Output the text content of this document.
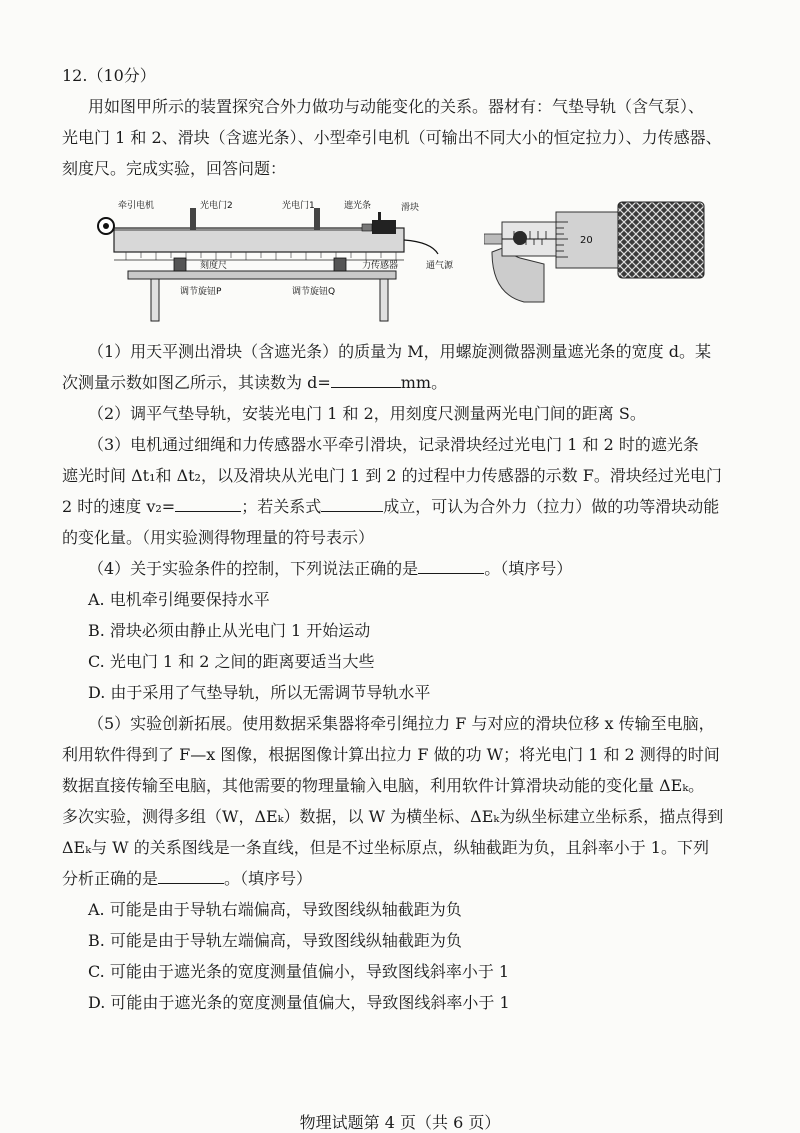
12.（10分）
用如图甲所示的装置探究合外力做功与动能变化的关系。器材有：气垫导轨（含气泵）、
光电门 1 和 2、滑块（含遮光条）、小型牵引电机（可输出不同大小的恒定拉力）、力传感器、
刻度尺。完成实验，回答问题：
牵引电机	光电门2	光电门1	遮光条	滑块
刻度尺	力传感器	通气源
调节旋钮P	调节旋钮Q
20
（1）用天平测出滑块（含遮光条）的质量为 M，用螺旋测微器测量遮光条的宽度 d。某
次测量示数如图乙所示，其读数为 d=	mm。
（2）调平气垫导轨，安装光电门 1 和 2，用刻度尺测量两光电门间的距离 S。
（3）电机通过细绳和力传感器水平牵引滑块，记录滑块经过光电门 1 和 2 时的遮光条
遮光时间 Δt₁和 Δt₂，以及滑块从光电门 1 到 2 的过程中力传感器的示数 F。滑块经过光电门
2 时的速度 v₂=	；若关系式	成立，可认为合外力（拉力）做的功等滑块动能
的变化量。（用实验测得物理量的符号表示）
（4）关于实验条件的控制，下列说法正确的是	。（填序号）
A. 电机牵引绳要保持水平
B. 滑块必须由静止从光电门 1 开始运动
C. 光电门 1 和 2 之间的距离要适当大些
D. 由于采用了气垫导轨，所以无需调节导轨水平
（5）实验创新拓展。使用数据采集器将牵引绳拉力 F 与对应的滑块位移 x 传输至电脑，
利用软件得到了 F—x 图像，根据图像计算出拉力 F 做的功 W；将光电门 1 和 2 测得的时间
数据直接传输至电脑，其他需要的物理量输入电脑，利用软件计算滑块动能的变化量 ΔEₖ。
多次实验，测得多组（W，ΔEₖ）数据，以 W 为横坐标、ΔEₖ为纵坐标建立坐标系，描点得到
ΔEₖ与 W 的关系图线是一条直线，但是不过坐标原点，纵轴截距为负，且斜率小于 1。下列
分析正确的是	。（填序号）
A. 可能是由于导轨右端偏高，导致图线纵轴截距为负
B. 可能是由于导轨左端偏高，导致图线纵轴截距为负
C. 可能由于遮光条的宽度测量值偏小，导致图线斜率小于 1
D. 可能由于遮光条的宽度测量值偏大，导致图线斜率小于 1
物理试题第 4 页（共 6 页）
